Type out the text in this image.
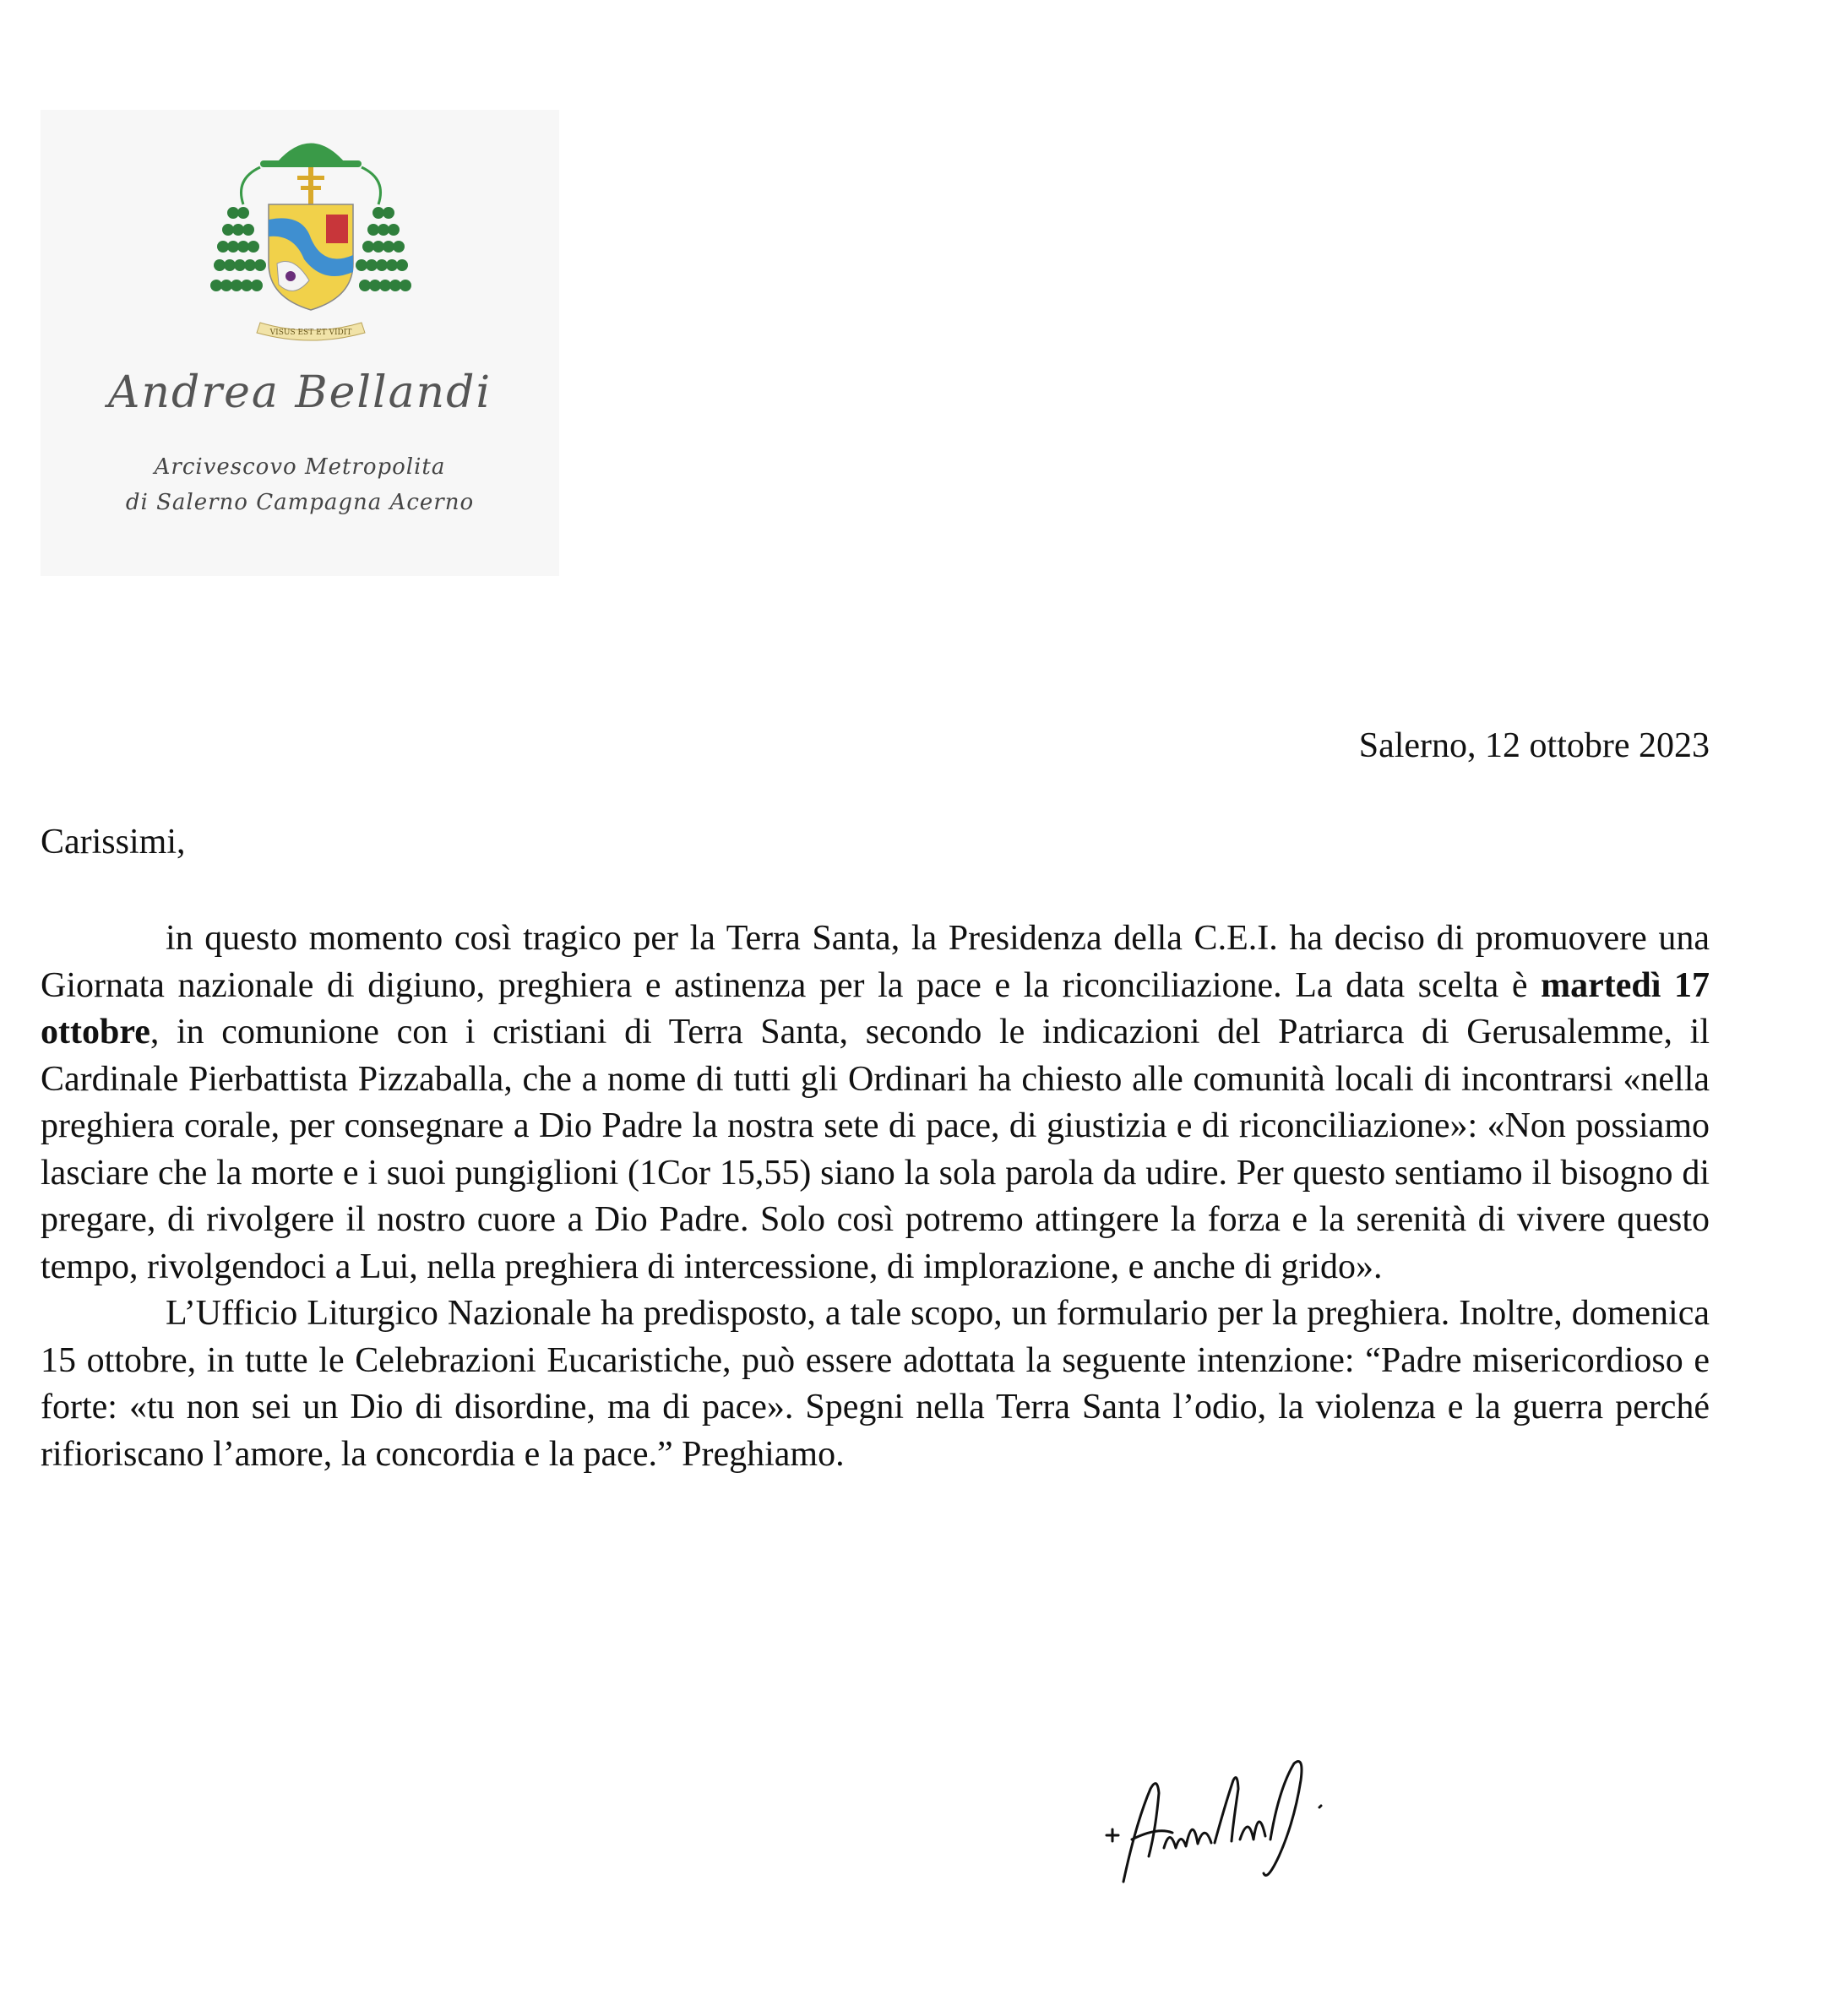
VISUS EST ET VIDIT
Andrea Bellandi
Arcivescovo Metropolita
di Salerno Campagna Acerno
Salerno, 12 ottobre 2023
Carissimi,

in questo momento così tragico per la Terra Santa, la Presidenza della C.E.I. ha deciso di promuovere una Giornata nazionale di digiuno, preghiera e astinenza per la pace e la riconciliazione. La data scelta è martedì 17 ottobre, in comunione con i cristiani di Terra Santa, secondo le indicazioni del Patriarca di Gerusalemme, il Cardinale Pierbattista Pizzaballa, che a nome di tutti gli Ordinari ha chiesto alle comunità locali di incontrarsi «nella preghiera corale, per consegnare a Dio Padre la nostra sete di pace, di giustizia e di riconciliazione»: «Non possiamo lasciare che la morte e i suoi pungiglioni (1Cor 15,55) siano la sola parola da udire. Per questo sentiamo il bisogno di pregare, di rivolgere il nostro cuore a Dio Padre. Solo così potremo attingere la forza e la serenità di vivere questo tempo, rivolgendoci a Lui, nella preghiera di intercessione, di implorazione, e anche di grido».

L’Ufficio Liturgico Nazionale ha predisposto, a tale scopo, un formulario per la preghiera. Inoltre, domenica 15 ottobre, in tutte le Celebrazioni Eucaristiche, può essere adottata la seguente intenzione: “Padre misericordioso e forte: «tu non sei un Dio di disordine, ma di pace». Spegni nella Terra Santa l’odio, la violenza e la guerra perché rifioriscano l’amore, la concordia e la pace.” Preghiamo.
